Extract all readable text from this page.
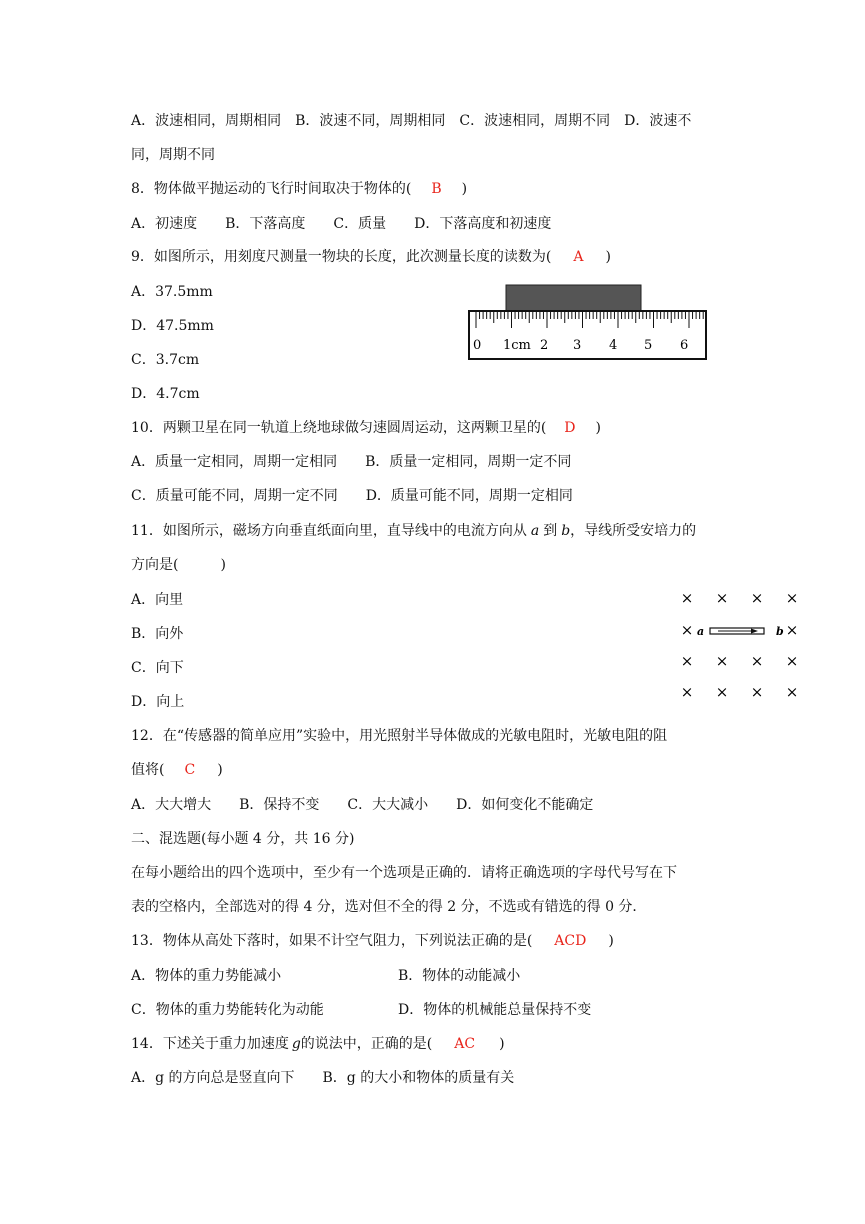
A．波速相同，周期相同　B．波速不同，周期相同　C．波速相同，周期不同　D．波速不
同，周期不同
8．物体做平抛运动的飞行时间取决于物体的( B )
A．初速度　　B．下落高度　　C．质量　　D．下落高度和初速度
9．如图所示，用刻度尺测量一物块的长度，此次测量长度的读数为( A )
A．37.5mm
D．47.5mm
C．3.7cm
D．4.7cm
0 1cm 2 3 4 5 6
10．两颗卫星在同一轨道上绕地球做匀速圆周运动，这两颗卫星的( D )
A．质量一定相同，周期一定相同　　B．质量一定相同，周期一定不同
C．质量可能不同，周期一定不同　　D．质量可能不同，周期一定相同
11．如图所示，磁场方向垂直纸面向里，直导线中的电流方向从 a 到 b，导线所受安培力的
方向是(　　　)
A．向里
B．向外
C．向下
D．向上
× × × ×
×	×
× × × ×
× × × ×
a	b
12．在“传感器的简单应用”实验中，用光照射半导体做成的光敏电阻时，光敏电阻的阻
值将( C )
A．大大增大　　B．保持不变　　C．大大减小　　D．如何变化不能确定
二、混选题(每小题 4 分，共 16 分)
在每小题给出的四个选项中，至少有一个选项是正确的．请将正确选项的字母代号写在下
表的空格内，全部选对的得 4 分，选对但不全的得 2 分，不选或有错选的得 0 分．
13．物体从高处下落时，如果不计空气阻力，下列说法正确的是( ACD )
A．物体的重力势能减小	B．物体的动能减小
C．物体的重力势能转化为动能	D．物体的机械能总量保持不变
14．下述关于重力加速度 g的说法中，正确的是( AC )
A．g 的方向总是竖直向下　　B．g 的大小和物体的质量有关
